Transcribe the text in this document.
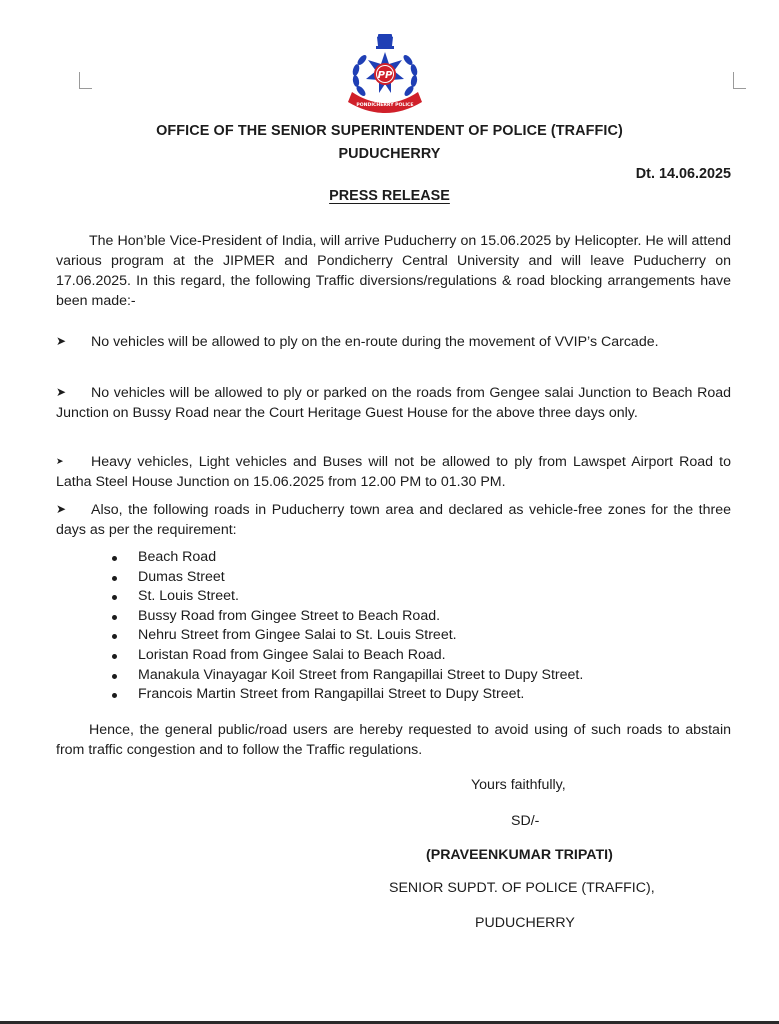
PP
PONDICHERRY POLICE
OFFICE OF THE SENIOR SUPERINTENDENT OF POLICE (TRAFFIC)
PUDUCHERRY
Dt. 14.06.2025
PRESS RELEASE
The Hon’ble Vice-President of India, will arrive Puducherry on 15.06.2025 by Helicopter. He will attend various program at the JIPMER and Pondicherry Central University and will leave Puducherry on 17.06.2025. In this regard, the following Traffic diversions/regulations & road blocking arrangements have been made:-
➤ No vehicles will be allowed to ply on the en-route during the movement of VVIP’s Carcade.
➤ No vehicles will be allowed to ply or parked on the roads from Gengee salai Junction to Beach Road Junction on Bussy Road near the Court Heritage Guest House for the above three days only.
➤ Heavy vehicles, Light vehicles and Buses will not be allowed to ply from Lawspet Airport Road to Latha Steel House Junction on 15.06.2025 from 12.00 PM to 01.30 PM.
➤ Also, the following roads in Puducherry town area and declared as vehicle-free zones for the three days as per the requirement:
Beach Road
Dumas Street
St. Louis Street.
Bussy Road from Gingee Street to Beach Road.
Nehru Street from Gingee Salai to St. Louis Street.
Loristan Road from Gingee Salai to Beach Road.
Manakula Vinayagar Koil Street from Rangapillai Street to Dupy Street.
Francois Martin Street from Rangapillai Street to Dupy Street.
Hence, the general public/road users are hereby requested to avoid using of such roads to abstain from traffic congestion and to follow the Traffic regulations.
Yours faithfully,
SD/-
(PRAVEENKUMAR TRIPATI)
SENIOR SUPDT. OF POLICE (TRAFFIC),
PUDUCHERRY
